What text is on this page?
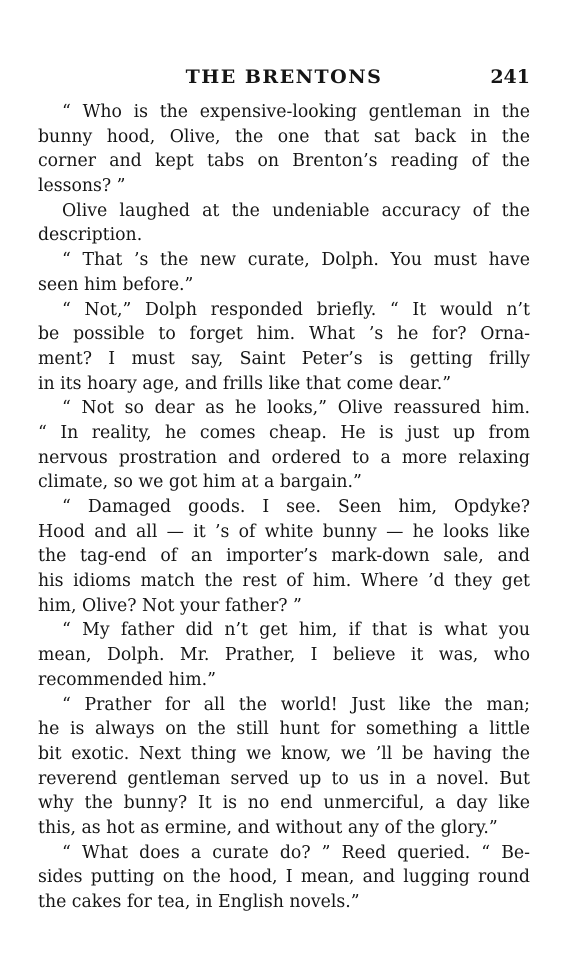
THE BRENTONS	241
“ Who is the expensive-looking gentleman in the
bunny hood, Olive, the one that sat back in the
corner and kept tabs on Brenton’s reading of the
lessons? ”
Olive laughed at the undeniable accuracy of the
description.
“ That ’s the new curate, Dolph. You must have
seen him before.”
“ Not,” Dolph responded briefly. “ It would n’t
be possible to forget him. What ’s he for? Orna-
ment? I must say, Saint Peter’s is getting frilly
in its hoary age, and frills like that come dear.”
“ Not so dear as he looks,” Olive reassured him.
“ In reality, he comes cheap. He is just up from
nervous prostration and ordered to a more relaxing
climate, so we got him at a bargain.”
“ Damaged goods. I see. Seen him, Opdyke?
Hood and all — it ’s of white bunny — he looks like
the tag-end of an importer’s mark-down sale, and
his idioms match the rest of him. Where ’d they get
him, Olive? Not your father? ”
“ My father did n’t get him, if that is what you
mean, Dolph. Mr. Prather, I believe it was, who
recommended him.”
“ Prather for all the world! Just like the man;
he is always on the still hunt for something a little
bit exotic. Next thing we know, we ’ll be having the
reverend gentleman served up to us in a novel. But
why the bunny? It is no end unmerciful, a day like
this, as hot as ermine, and without any of the glory.”
“ What does a curate do? ” Reed queried. “ Be-
sides putting on the hood, I mean, and lugging round
the cakes for tea, in English novels.”
